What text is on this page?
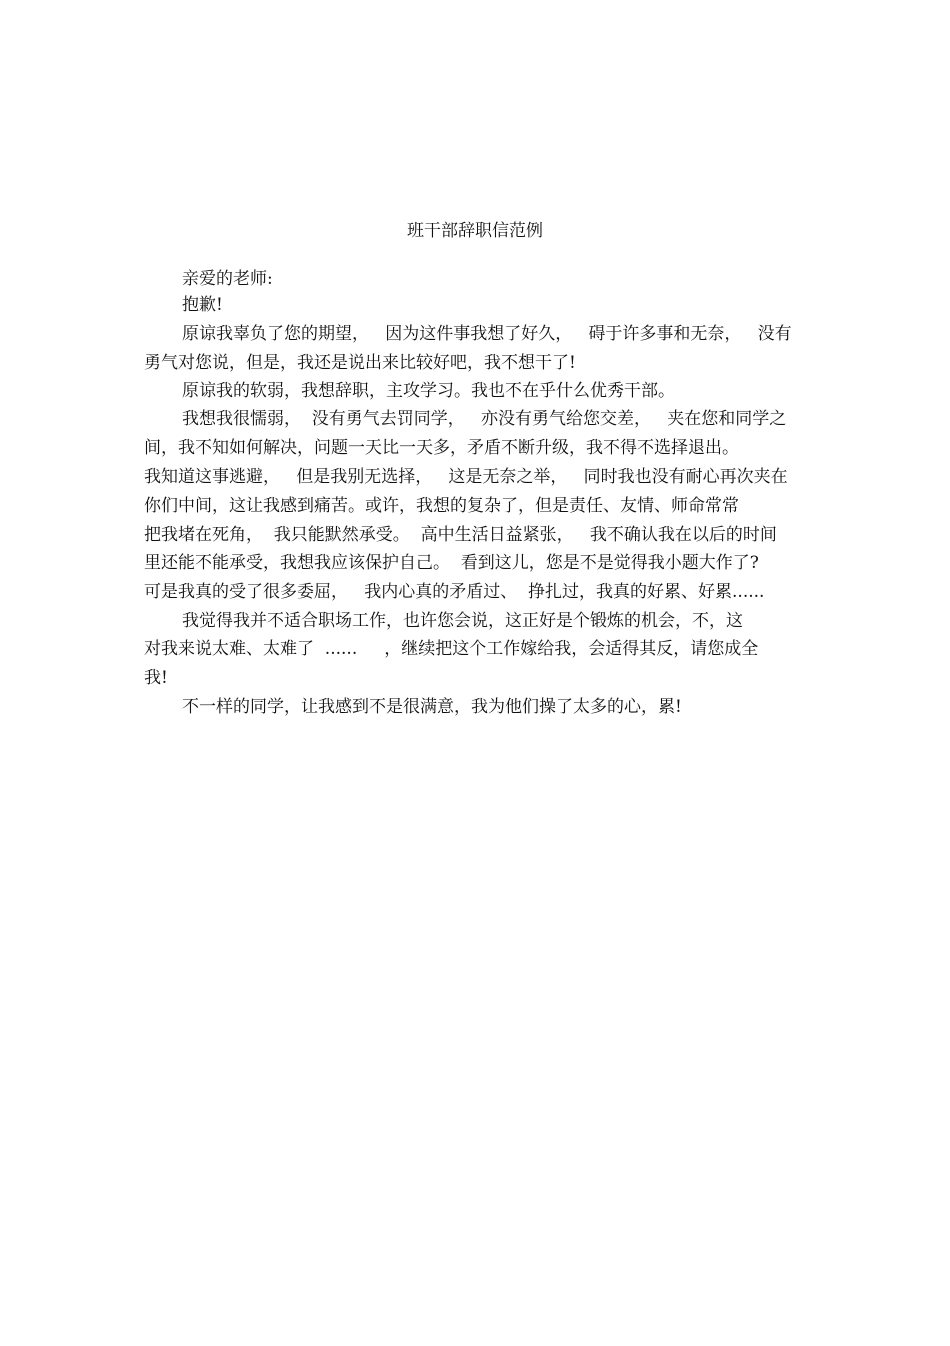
班干部辞职信范例
亲爱的老师:
抱歉!
原谅我辜负了您的期望，   因为这件事我想了好久，   碍于许多事和无奈，   没有
勇气对您说，但是，我还是说出来比较好吧，我不想干了!
原谅我的软弱，我想辞职，主攻学习。我也不在乎什么优秀干部。
我想我很懦弱，  没有勇气去罚同学，   亦没有勇气给您交差，   夹在您和同学之
间，我不知如何解决，问题一天比一天多，矛盾不断升级，我不得不选择退出。
我知道这事逃避，   但是我别无选择，   这是无奈之举，   同时我也没有耐心再次夹在
你们中间，这让我感到痛苦。或许，我想的复杂了，但是责任、友情、师命常常
把我堵在死角，  我只能默然承受。  高中生活日益紧张，   我不确认我在以后的时间
里还能不能承受，我想我应该保护自己。  看到这儿，您是不是觉得我小题大作了?
可是我真的受了很多委屈，   我内心真的矛盾过、  挣扎过，我真的好累、好累......
我觉得我并不适合职场工作，也许您会说，这正好是个锻炼的机会，不，这
对我来说太难、太难了  ......     ，继续把这个工作嫁给我，会适得其反，请您成全
我!
不一样的同学，让我感到不是很满意，我为他们操了太多的心，累!
